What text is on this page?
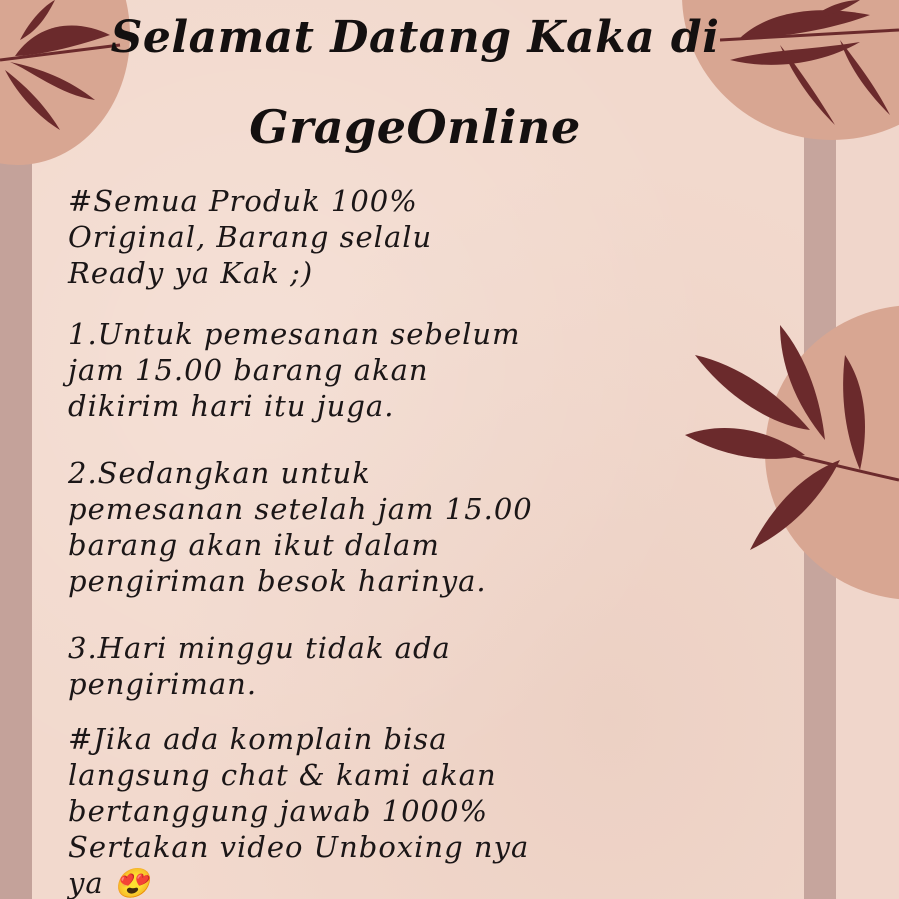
Selamat Datang Kaka di
GrageOnline

#Semua Produk 100%
Original, Barang selalu
Ready ya Kak ;)

1.Untuk pemesanan sebelum
jam 15.00 barang akan
dikirim hari itu juga.

2.Sedangkan untuk
pemesanan setelah jam 15.00
barang akan ikut dalam
pengiriman besok harinya.

3.Hari minggu tidak ada
pengiriman.

#Jika ada komplain bisa
langsung chat & kami akan
bertanggung jawab 1000%
Sertakan video Unboxing nya
ya 😍
